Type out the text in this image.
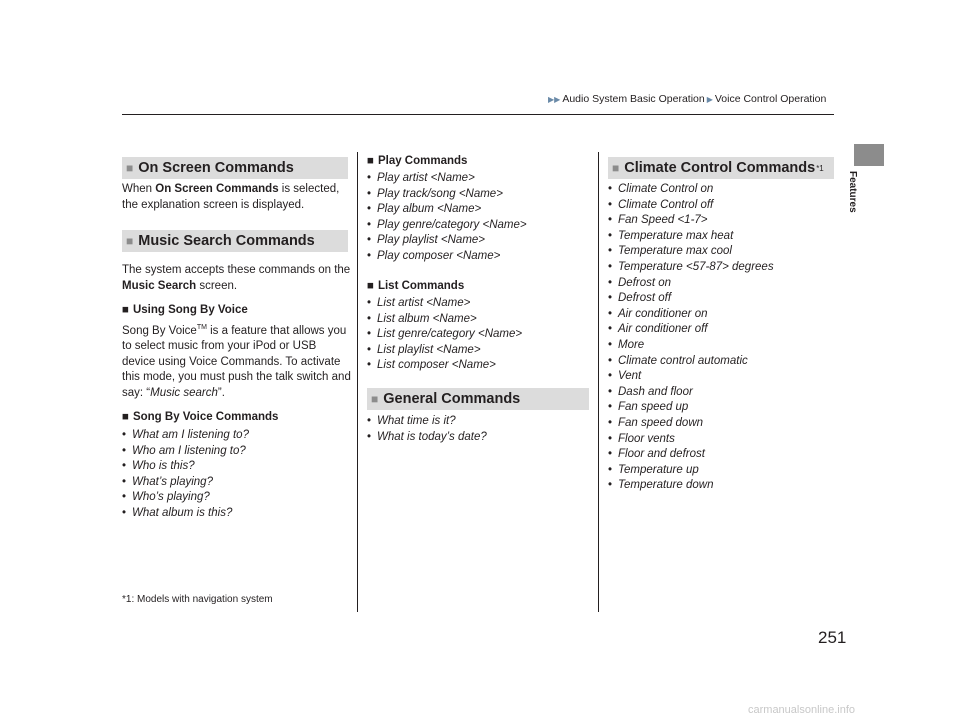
▶▶ Audio System Basic Operation ▶ Voice Control Operation
Features
■ On Screen Commands
When On Screen Commands is selected, the explanation screen is displayed.
■ Music Search Commands
The system accepts these commands on the Music Search screen.
■ Using Song By Voice
Song By Voice™ is a feature that allows you to select music from your iPod or USB device using Voice Commands. To activate this mode, you must push the talk switch and say: “Music search”.
■ Song By Voice Commands
• What am I listening to?
• Who am I listening to?
• Who is this?
• What’s playing?
• Who’s playing?
• What album is this?
*1: Models with navigation system
■ Play Commands
• Play artist <Name>
• Play track/song <Name>
• Play album <Name>
• Play genre/category <Name>
• Play playlist <Name>
• Play composer <Name>
■ List Commands
• List artist <Name>
• List album <Name>
• List genre/category <Name>
• List playlist <Name>
• List composer <Name>
■ General Commands
• What time is it?
• What is today’s date?
■ Climate Control Commands *1
• Climate Control on
• Climate Control off
• Fan Speed <1-7>
• Temperature max heat
• Temperature max cool
• Temperature <57-87> degrees
• Defrost on
• Defrost off
• Air conditioner on
• Air conditioner off
• More
• Climate control automatic
• Vent
• Dash and floor
• Fan speed up
• Fan speed down
• Floor vents
• Floor and defrost
• Temperature up
• Temperature down
251
carmanualsonline.info
